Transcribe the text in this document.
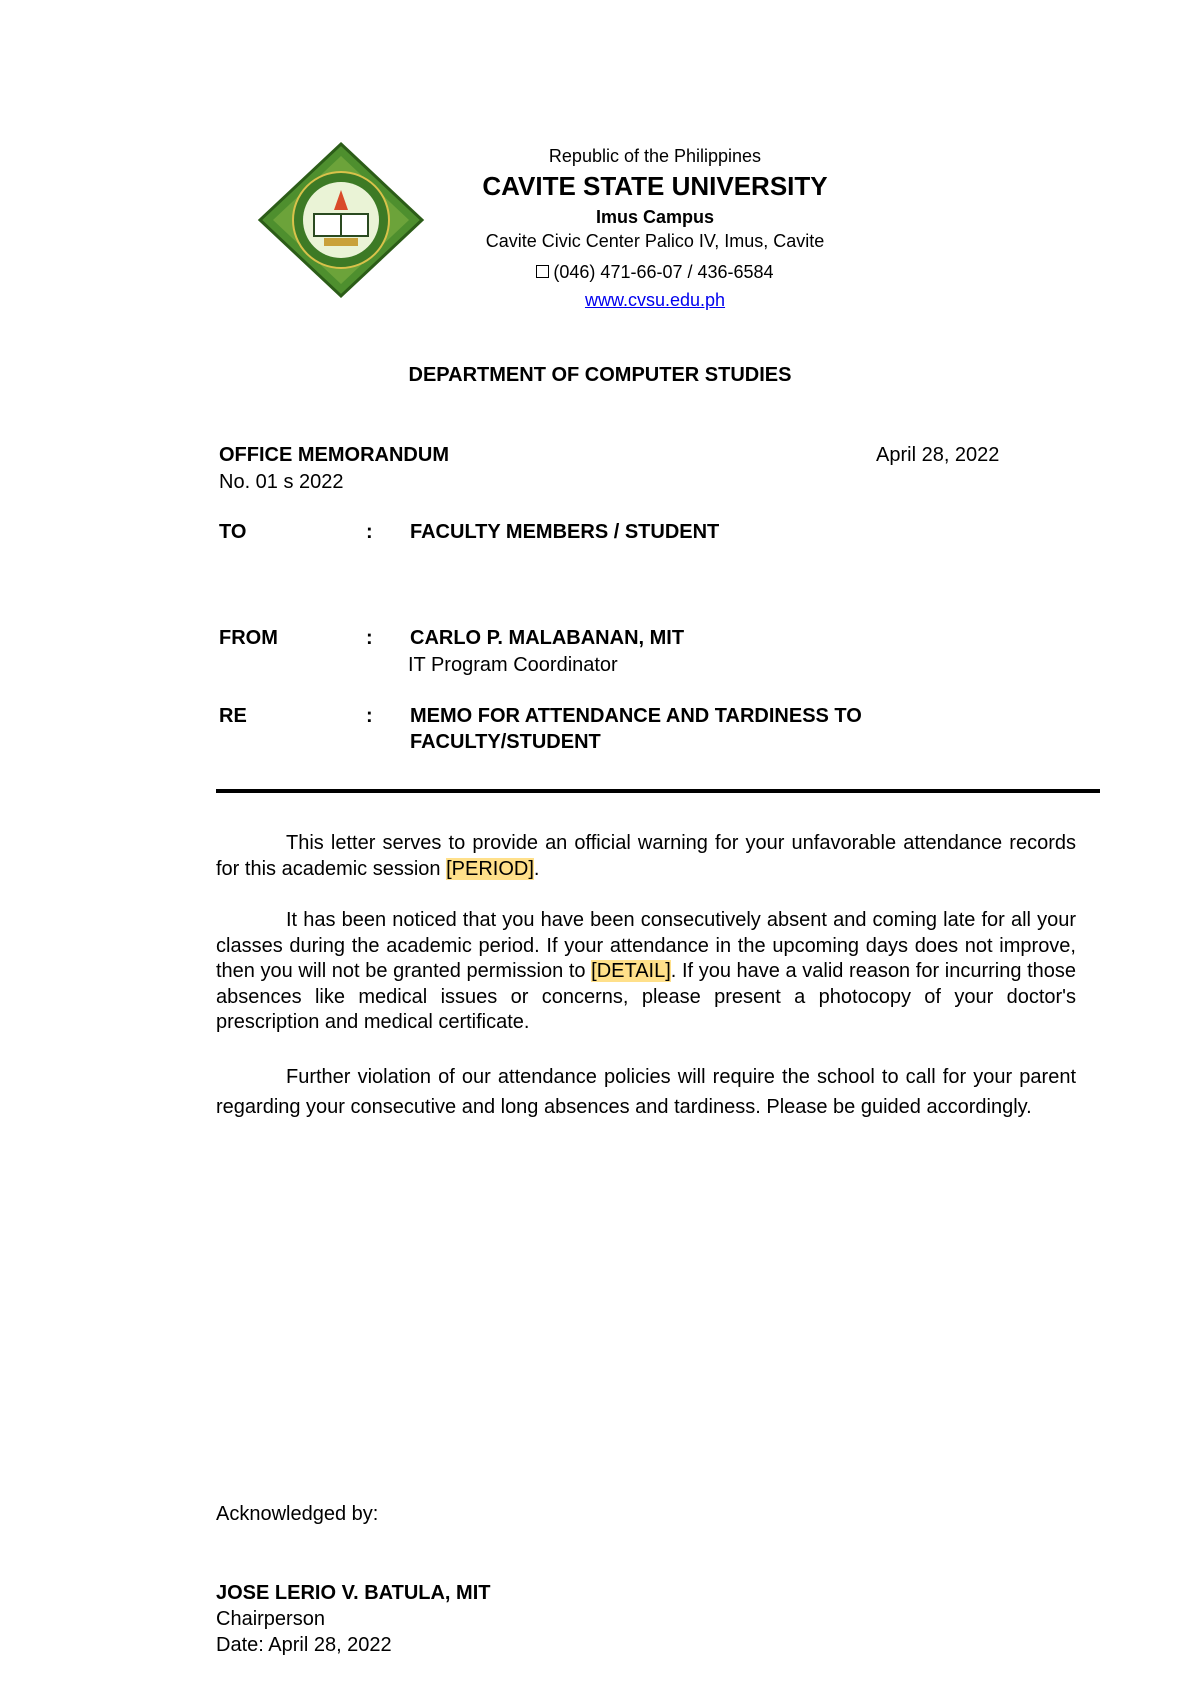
Republic of the Philippines
CAVITE STATE UNIVERSITY
Imus Campus
Cavite Civic Center Palico IV, Imus, Cavite
(046) 471-66-07 / 436-6584
www.cvsu.edu.ph
DEPARTMENT OF COMPUTER STUDIES
OFFICE MEMORANDUM
No. 01 s 2022
April 28, 2022
TO	: FACULTY MEMBERS / STUDENT
FROM	: CARLO P. MALABANAN, MIT
IT Program Coordinator
RE	: MEMO FOR ATTENDANCE AND TARDINESS TO
FACULTY/STUDENT
This letter serves to provide an official warning for your unfavorable attendance records for this academic session [PERIOD].
It has been noticed that you have been consecutively absent and coming late for all your classes during the academic period. If your attendance in the upcoming days does not improve, then you will not be granted permission to [DETAIL]. If you have a valid reason for incurring those absences like medical issues or concerns, please present a photocopy of your doctor's prescription and medical certificate.
Further violation of our attendance policies will require the school to call for your parent regarding your consecutive and long absences and tardiness. Please be guided accordingly.
Acknowledged by:
JOSE LERIO V. BATULA, MIT
Chairperson
Date: April 28, 2022
